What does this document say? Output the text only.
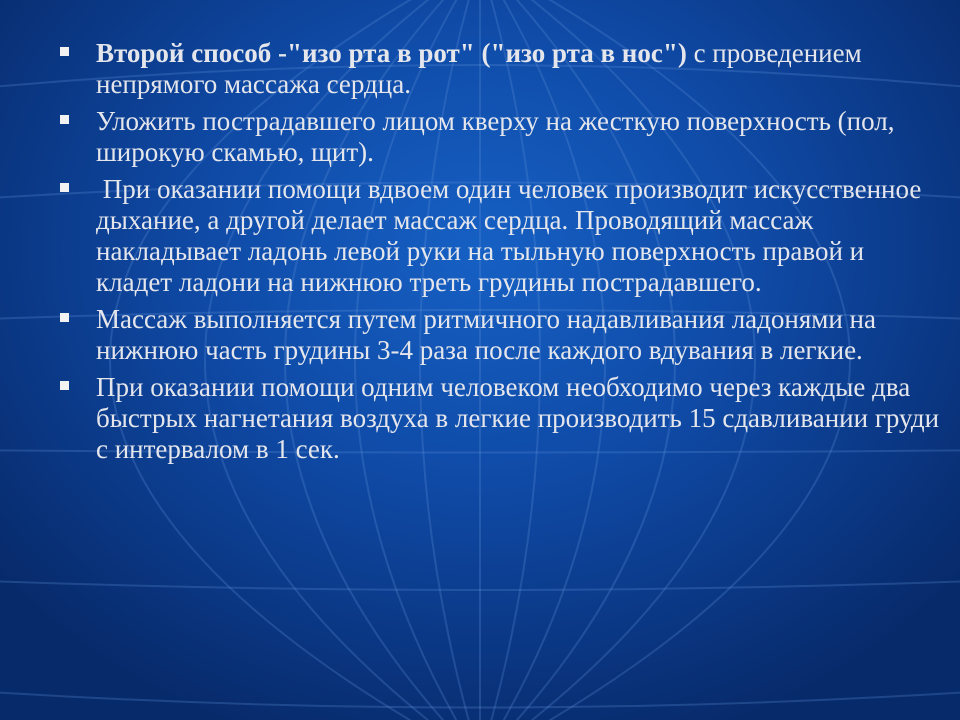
Второй способ -"изо рта в рот" ("изо рта в нос") с проведением непрямого массажа сердца.
Уложить пострадавшего лицом кверху на жесткую поверхность (пол, широкую скамью, щит).
При оказании помощи вдвоем один человек производит искусственное дыхание, а другой делает массаж сердца. Проводящий массаж накладывает ладонь левой руки на тыльную поверхность правой и кладет ладони на нижнюю треть грудины пострадавшего.
Массаж выполняется путем ритмичного надавливания ладонями на нижнюю часть грудины 3-4 раза после каждого вдувания в легкие.
При оказании помощи одним человеком необходимо через каждые два быстрых нагнетания воздуха в легкие производить 15 сдавливании груди с интервалом в 1 сек.
